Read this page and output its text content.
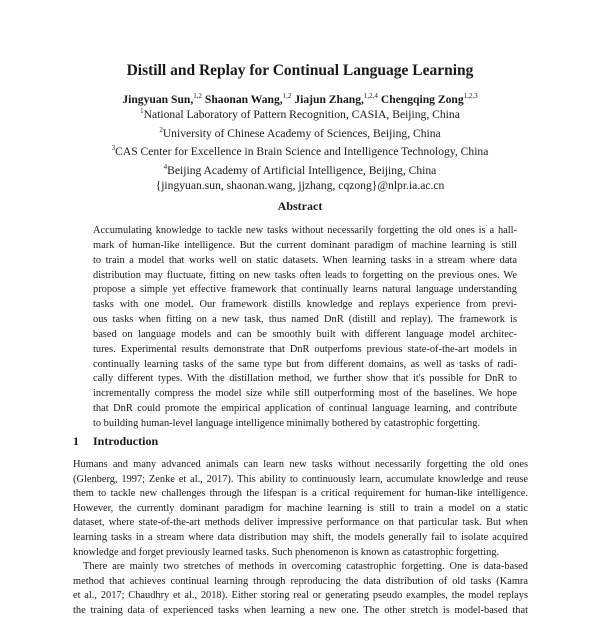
Distill and Replay for Continual Language Learning
Jingyuan Sun,$^{1,2}$ Shaonan Wang,$^{1,2}$ Jiajun Zhang,$^{1,2,4}$ Chengqing Zong$^{1,2,3}$
$^1$National Laboratory of Pattern Recognition, CASIA, Beijing, China
$^2$University of Chinese Academy of Sciences, Beijing, China
$^3$CAS Center for Excellence in Brain Science and Intelligence Technology, China
$^4$Beijing Academy of Artificial Intelligence, Beijing, China
{jingyuan.sun, shaonan.wang, jjzhang, cqzong}@nlpr.ia.ac.cn
Abstract
Accumulating knowledge to tackle new tasks without necessarily forgetting the old ones is a hall-
mark of human-like intelligence. But the current dominant paradigm of machine learning is still
to train a model that works well on static datasets. When learning tasks in a stream where data
distribution may fluctuate, fitting on new tasks often leads to forgetting on the previous ones. We
propose a simple yet effective framework that continually learns natural language understanding
tasks with one model. Our framework distills knowledge and replays experience from previ-
ous tasks when fitting on a new task, thus named DnR (distill and replay). The framework is
based on language models and can be smoothly built with different language model architec-
tures. Experimental results demonstrate that DnR outperfoms previous state-of-the-art models in
continually learning tasks of the same type but from different domains, as well as tasks of radi-
cally different types. With the distillation method, we further show that it's possible for DnR to
incrementally compress the model size while still outperforming most of the baselines. We hope
that DnR could promote the empirical application of continual language learning, and contribute
to building human-level language intelligence minimally bothered by catastrophic forgetting.
1 Introduction
Humans and many advanced animals can learn new tasks without necessarily forgetting the old ones
(Glenberg, 1997; Zenke et al., 2017). This ability to continuously learn, accumulate knowledge and reuse
them to tackle new challenges through the lifespan is a critical requirement for human-like intelligence.
However, the currently dominant paradigm for machine learning is still to train a model on a static
dataset, where state-of-the-art methods deliver impressive performance on that particular task. But when
learning tasks in a stream where data distribution may shift, the models generally fail to isolate acquired
knowledge and forget previously learned tasks. Such phenomenon is known as catastrophic forgetting.
There are mainly two stretches of methods in overcoming catastrophic forgetting. One is data-based
method that achieves continual learning through reproducing the data distribution of old tasks (Kamra
et al., 2017; Chaudhry et al., 2018). Either storing real or generating pseudo examples, the model replays
the training data of experienced tasks when learning a new one. The other stretch is model-based that
